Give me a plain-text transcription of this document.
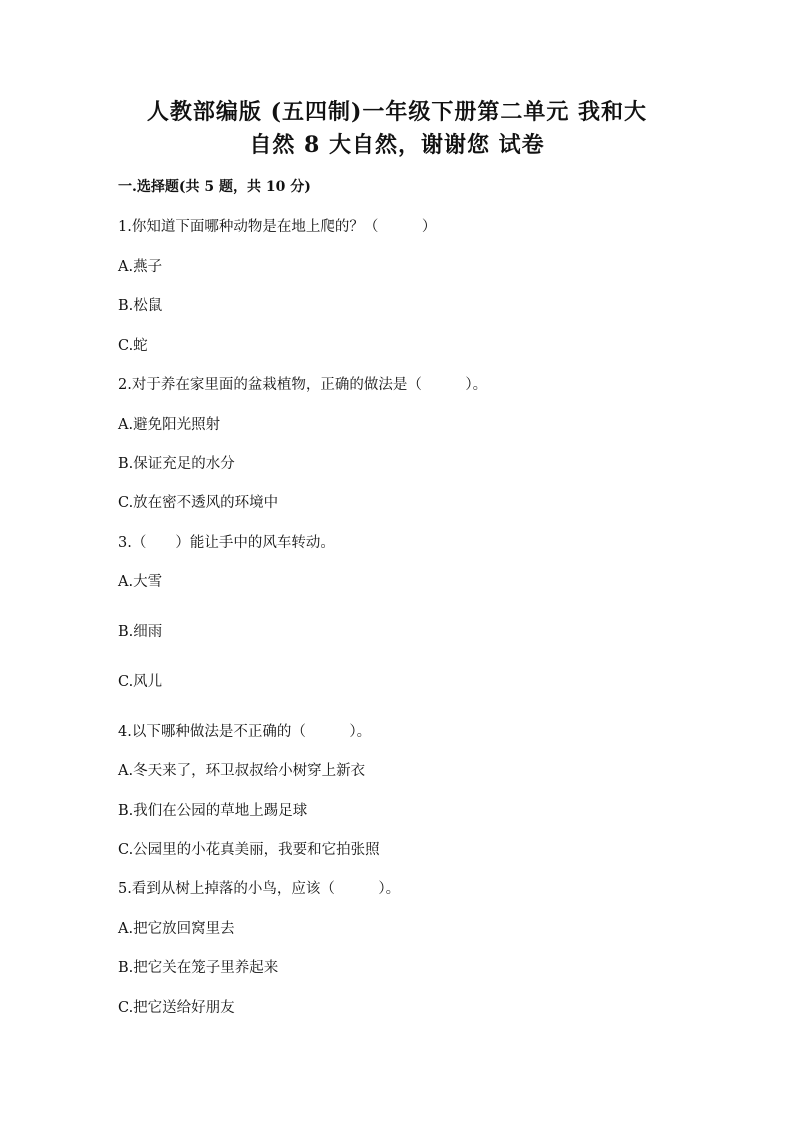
人教部编版 (五四制)一年级下册第二单元 我和大
自然 8 大自然，谢谢您 试卷
一.选择题(共 5 题，共 10 分)
1.你知道下面哪种动物是在地上爬的？（　　　）
A.燕子
B.松鼠
C.蛇
2.对于养在家里面的盆栽植物，正确的做法是（　　　）。
A.避免阳光照射
B.保证充足的水分
C.放在密不透风的环境中
3.（　　）能让手中的风车转动。
A.大雪
B.细雨
C.风儿
4.以下哪种做法是不正确的（　　　）。
A.冬天来了，环卫叔叔给小树穿上新衣
B.我们在公园的草地上踢足球
C.公园里的小花真美丽，我要和它拍张照
5.看到从树上掉落的小鸟，应该（　　　）。
A.把它放回窝里去
B.把它关在笼子里养起来
C.把它送给好朋友
